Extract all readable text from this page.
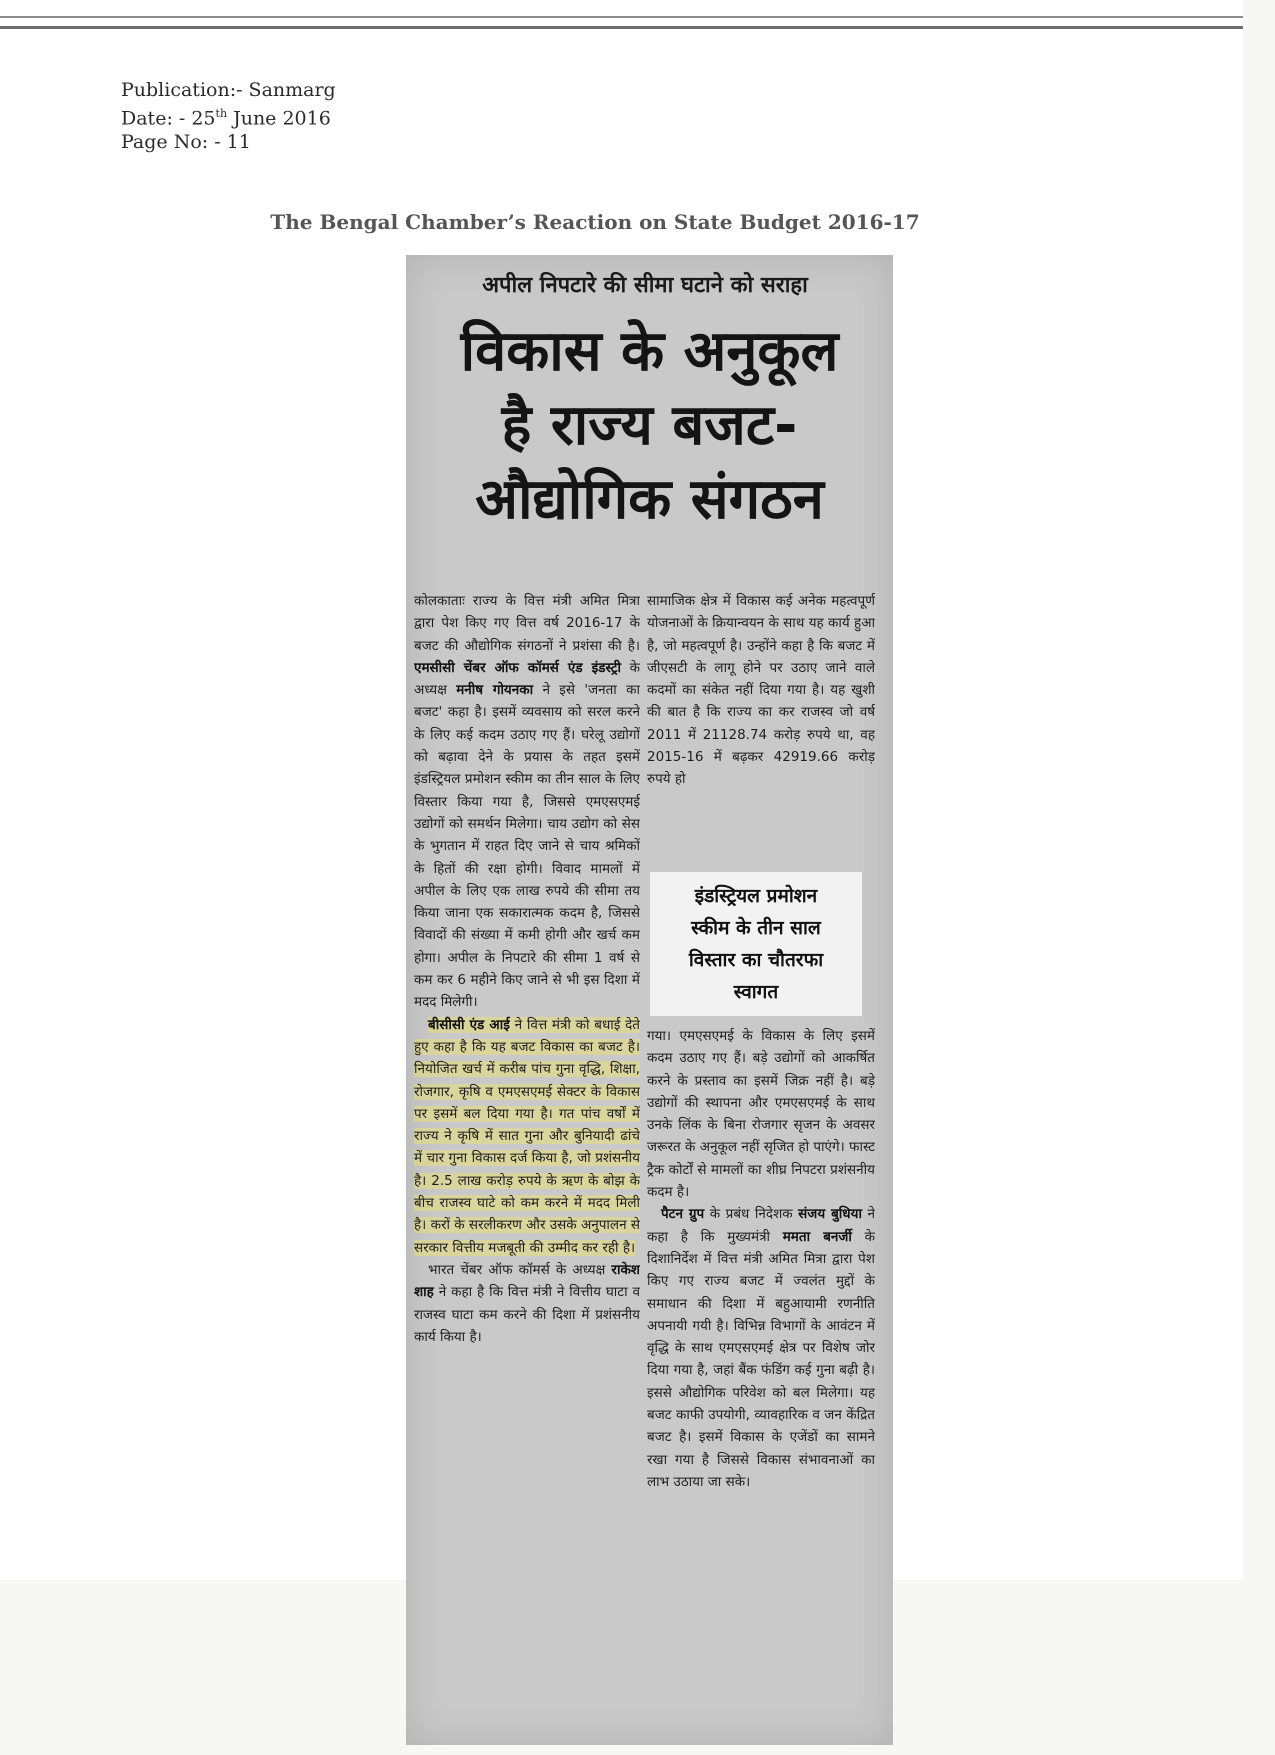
Publication:- Sanmarg
Date: - 25th June 2016
Page No: - 11
The Bengal Chamber’s Reaction on State Budget 2016-17
अपील निपटारे की सीमा घटाने को सराहा
विकास के अनुकूल
है राज्य बजट-
औद्योगिक संगठन

कोलकाताः राज्य के वित्त मंत्री अमित मित्रा द्वारा पेश किए गए वित्त वर्ष 2016-17 के बजट की औद्योगिक संगठनों ने प्रशंसा की है। एमसीसी चेंबर ऑफ कॉमर्स एंड इंडस्ट्री के अध्यक्ष मनीष गोयनका ने इसे 'जनता का बजट' कहा है। इसमें व्यवसाय को सरल करने के लिए कई कदम उठाए गए हैं। घरेलू उद्योगों को बढ़ावा देने के प्रयास के तहत इसमें इंडस्ट्रियल प्रमोशन स्कीम का तीन साल के लिए विस्तार किया गया है, जिससे एमएसएमई उद्योगों को समर्थन मिलेगा। चाय उद्योग को सेस के भुगतान में राहत दिए जाने से चाय श्रमिकों के हितों की रक्षा होगी। विवाद मामलों में अपील के लिए एक लाख रुपये की सीमा तय किया जाना एक सकारात्मक कदम है, जिससे विवादों की संख्या में कमी होगी और खर्च कम होगा। अपील के निपटारे की सीमा 1 वर्ष से कम कर 6 महीने किए जाने से भी इस दिशा में मदद मिलेगी।

बीसीसी एंड आई ने वित्त मंत्री को बधाई देते हुए कहा है कि यह बजट विकास का बजट है। नियोजित खर्च में करीब पांच गुना वृद्धि, शिक्षा, रोजगार, कृषि व एमएसएमई सेक्टर के विकास पर इसमें बल दिया गया है। गत पांच वर्षों में राज्य ने कृषि में सात गुना और बुनियादी ढांचे में चार गुना विकास दर्ज किया है, जो प्रशंसनीय है। 2.5 लाख करोड़ रुपये के ऋण के बोझ के बीच राजस्व घाटे को कम करने में मदद मिली है। करों के सरलीकरण और उसके अनुपालन से सरकार वित्तीय मजबूती की उम्मीद कर रही है।

भारत चेंबर ऑफ कॉमर्स के अध्यक्ष राकेश शाह ने कहा है कि वित्त मंत्री ने वित्तीय घाटा व राजस्व घाटा कम करने की दिशा में प्रशंसनीय कार्य किया है।

सामाजिक क्षेत्र में विकास कई अनेक महत्वपूर्ण योजनाओं के क्रियान्वयन के साथ यह कार्य हुआ है, जो महत्वपूर्ण है। उन्होंने कहा है कि बजट में जीएसटी के लागू होने पर उठाए जाने वाले कदमों का संकेत नहीं दिया गया है। यह खुशी की बात है कि राज्य का कर राजस्व जो वर्ष 2011 में 21128.74 करोड़ रुपये था, वह 2015-16 में बढ़कर 42919.66 करोड़ रुपये हो

इंडस्ट्रियल प्रमोशन
स्कीम के तीन साल
विस्तार का चौतरफा
स्वागत

गया। एमएसएमई के विकास के लिए इसमें कदम उठाए गए हैं। बड़े उद्योगों को आकर्षित करने के प्रस्ताव का इसमें जिक्र नहीं है। बड़े उद्योगों की स्थापना और एमएसएमई के साथ उनके लिंक के बिना रोजगार सृजन के अवसर जरूरत के अनुकूल नहीं सृजित हो पाएंगे। फास्ट ट्रैक कोर्टों से मामलों का शीघ्र निपटरा प्रशंसनीय कदम है।

पैटन ग्रुप के प्रबंध निदेशक संजय बुधिया ने कहा है कि मुख्यमंत्री ममता बनर्जी के दिशानिर्देश में वित्त मंत्री अमित मित्रा द्वारा पेश किए गए राज्य बजट में ज्वलंत मुद्दों के समाधान की दिशा में बहुआयामी रणनीति अपनायी गयी है। विभिन्न विभागों के आवंटन में वृद्धि के साथ एमएसएमई क्षेत्र पर विशेष जोर दिया गया है, जहां बैंक फंडिंग कई गुना बढ़ी है। इससे औद्योगिक परिवेश को बल मिलेगा। यह बजट काफी उपयोगी, व्यावहारिक व जन केंद्रित बजट है। इसमें विकास के एजेंडों का सामने रखा गया है जिससे विकास संभावनाओं का लाभ उठाया जा सके।
